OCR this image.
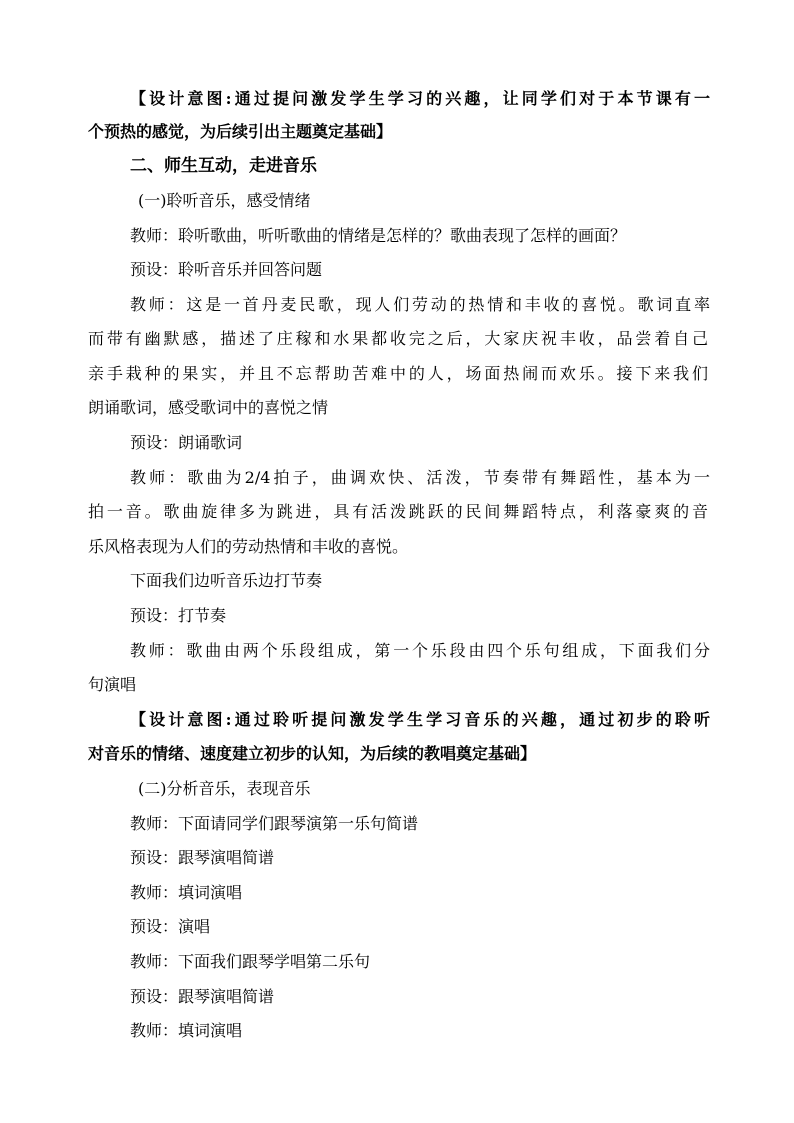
【设计意图:通过提问激发学生学习的兴趣，让同学们对于本节课有一
个预热的感觉，为后续引出主题奠定基础】
二、师生互动，走进音乐
(一)聆听音乐，感受情绪
教师：聆听歌曲，听听歌曲的情绪是怎样的？歌曲表现了怎样的画面？
预设：聆听音乐并回答问题
教师：这是一首丹麦民歌，现人们劳动的热情和丰收的喜悦。歌词直率
而带有幽默感，描述了庄稼和水果都收完之后，大家庆祝丰收，品尝着自己
亲手栽种的果实，并且不忘帮助苦难中的人，场面热闹而欢乐。接下来我们
朗诵歌词，感受歌词中的喜悦之情
预设：朗诵歌词
教师：歌曲为2/4拍子，曲调欢快、活泼，节奏带有舞蹈性，基本为一
拍一音。歌曲旋律多为跳进，具有活泼跳跃的民间舞蹈特点，利落豪爽的音
乐风格表现为人们的劳动热情和丰收的喜悦。
下面我们边听音乐边打节奏
预设：打节奏
教师：歌曲由两个乐段组成，第一个乐段由四个乐句组成，下面我们分
句演唱
【设计意图:通过聆听提问激发学生学习音乐的兴趣，通过初步的聆听
对音乐的情绪、速度建立初步的认知，为后续的教唱奠定基础】
(二)分析音乐，表现音乐
教师：下面请同学们跟琴演第一乐句简谱
预设：跟琴演唱简谱
教师：填词演唱
预设：演唱
教师：下面我们跟琴学唱第二乐句
预设：跟琴演唱简谱
教师：填词演唱
